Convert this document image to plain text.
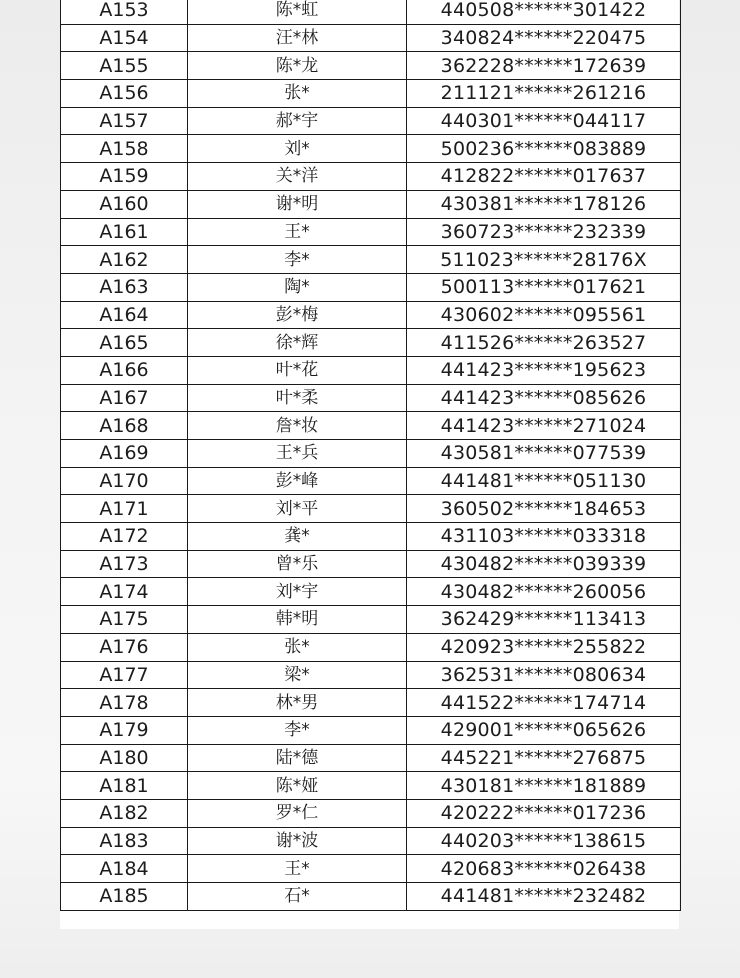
A153	陈*虹	440508******301422
A154	汪*林	340824******220475
A155	陈*龙	362228******172639
A156	张*	211121******261216
A157	郝*宇	440301******044117
A158	刘*	500236******083889
A159	关*洋	412822******017637
A160	谢*明	430381******178126
A161	王*	360723******232339
A162	李*	511023******28176X
A163	陶*	500113******017621
A164	彭*梅	430602******095561
A165	徐*辉	411526******263527
A166	叶*花	441423******195623
A167	叶*柔	441423******085626
A168	詹*妆	441423******271024
A169	王*兵	430581******077539
A170	彭*峰	441481******051130
A171	刘*平	360502******184653
A172	龚*	431103******033318
A173	曾*乐	430482******039339
A174	刘*宇	430482******260056
A175	韩*明	362429******113413
A176	张*	420923******255822
A177	梁*	362531******080634
A178	林*男	441522******174714
A179	李*	429001******065626
A180	陆*德	445221******276875
A181	陈*娅	430181******181889
A182	罗*仁	420222******017236
A183	谢*波	440203******138615
A184	王*	420683******026438
A185	石*	441481******232482
